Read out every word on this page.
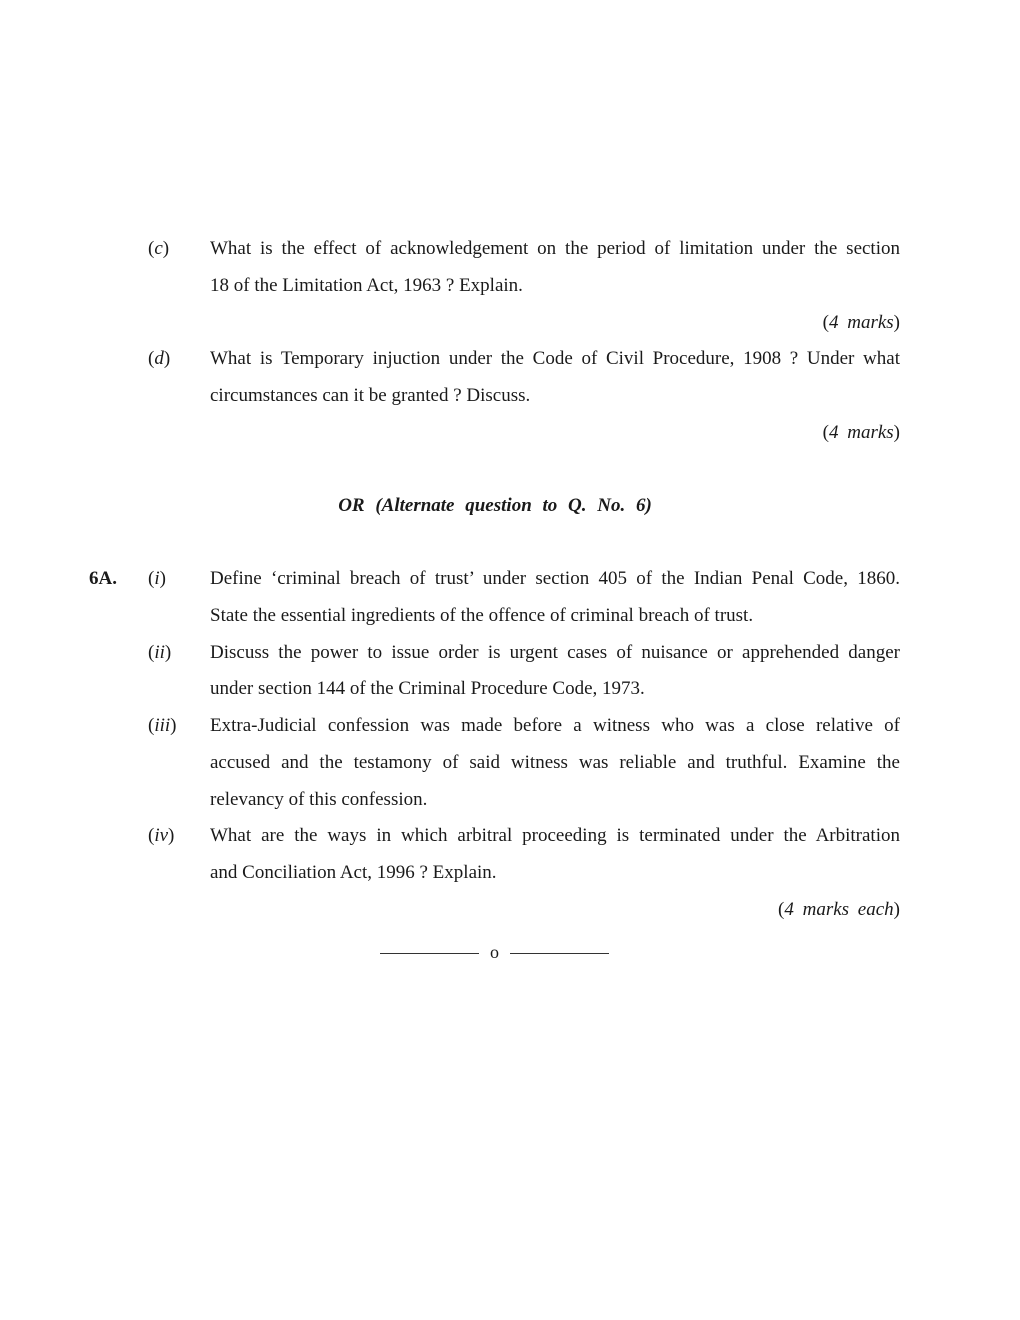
(c) What is the effect of acknowledgement on the period of limitation under the section
18 of the Limitation Act, 1963 ? Explain.
(4 marks)
(d) What is Temporary injuction under the Code of Civil Procedure, 1908 ? Under what
circumstances can it be granted ? Discuss.
(4 marks)
OR (Alternate question to Q. No. 6)
6A. (i) Define ‘criminal breach of trust’ under section 405 of the Indian Penal Code, 1860.
State the essential ingredients of the offence of criminal breach of trust.
(ii) Discuss the power to issue order is urgent cases of nuisance or apprehended danger
under section 144 of the Criminal Procedure Code, 1973.
(iii) Extra-Judicial confession was made before a witness who was a close relative of
accused and the testamony of said witness was reliable and truthful. Examine the
relevancy of this confession.
(iv) What are the ways in which arbitral proceeding is terminated under the Arbitration
and Conciliation Act, 1996 ? Explain.
(4 marks each)
o
